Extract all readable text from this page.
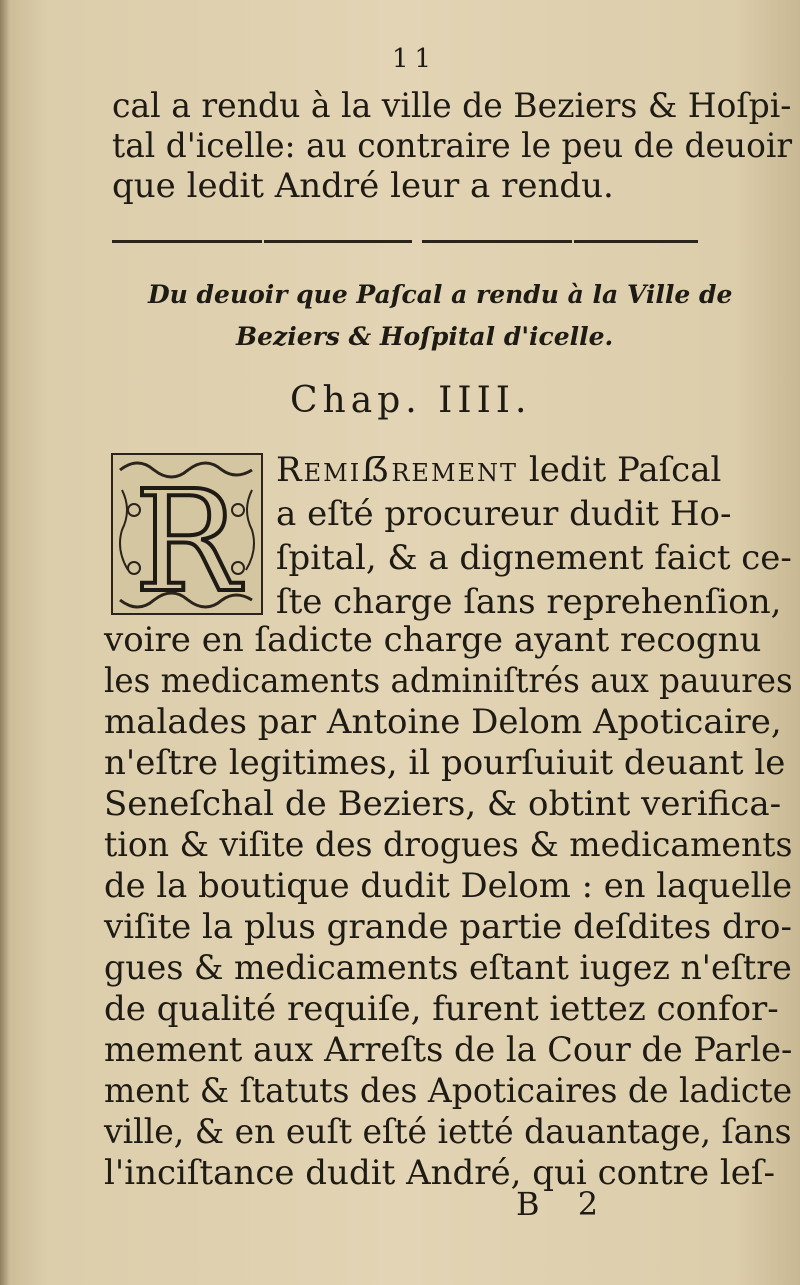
11
cal a rendu à la ville de Beziers & Hoſpi-
tal d'icelle: au contraire le peu de deuoir
que ledit André leur a rendu.
Du deuoir que Paſcal a rendu à la Ville de
Beziers & Hoſpital d'icelle.
Chap. IIII.
R Remiẞrement ledit Paſcal
a eſté procureur dudit Ho-
ſpital, & a dignement faict ce-
ſte charge ſans reprehenſion,
voire en ſadicte charge ayant recognu
les medicaments adminiſtrés aux pauures
malades par Antoine Delom Apoticaire,
n'eſtre legitimes, il pourſuiuit deuant le
Seneſchal de Beziers, & obtint verifica-
tion & viſite des drogues & medicaments
de la boutique dudit Delom : en laquelle
viſite la plus grande partie deſdites dro-
gues & medicaments eſtant iugez n'eſtre
de qualité requiſe, furent iettez confor-
mement aux Arreſts de la Cour de Parle-
ment & ſtatuts des Apoticaires de ladicte
ville, & en euſt eſté ietté dauantage, ſans
l'inciſtance dudit André, qui contre leſ-
B 2
